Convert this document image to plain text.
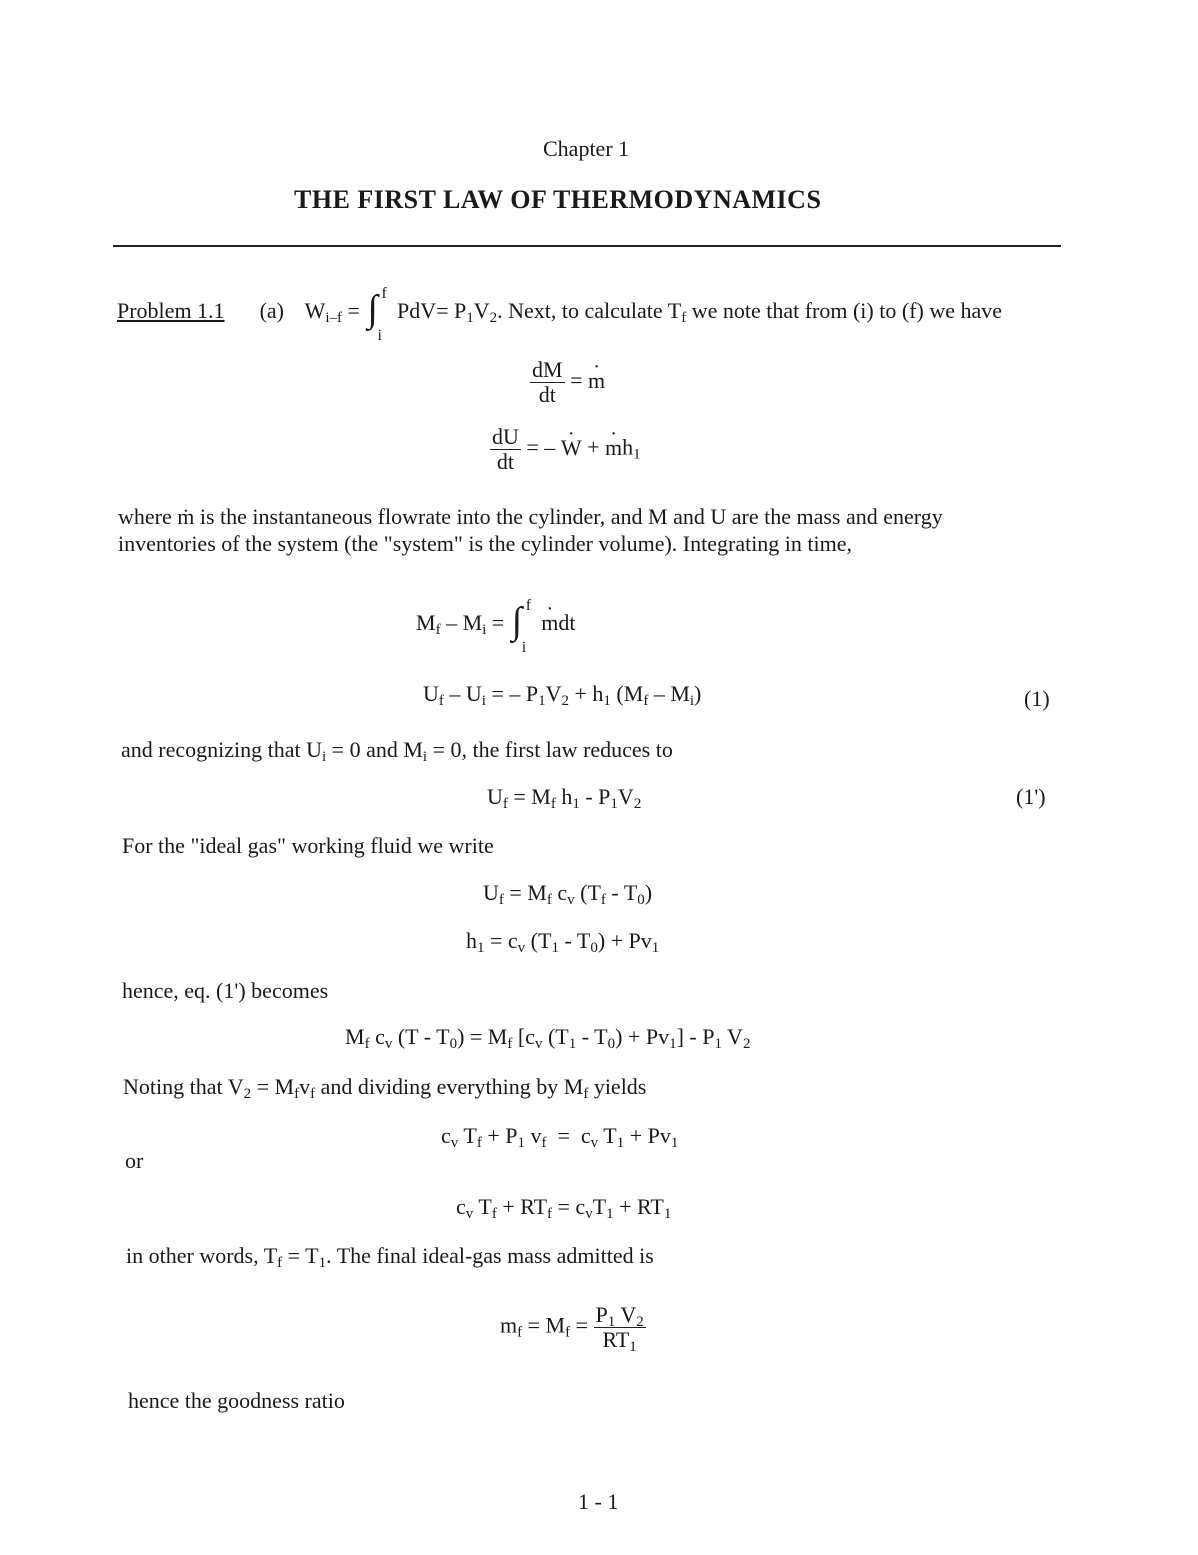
Chapter 1
THE FIRST LAW OF THERMODYNAMICS
Problem 1.1 (a) $W_{i-f}$ = ∫ f
i
$PdV= P_1V_2$. Next, to calculate $T_f$ we note that from (i) to (f) we have
$\frac{dM}{dt} = m$ ·
$\frac{dU}{dt}$ = – W · + $m \cdot h_1$
where ṁ is the instantaneous flowrate into the cylinder, and M and U are the mass and energy
inventories of the system (the "system" is the cylinder volume). Integrating in time,
$M_f - M_i$ = ∫ f
i
m ·dt
$U_f - U_i$ = – $P_1V_2 + h_1$ $(M_f - M_i)$	(1)
and recognizing that $U_i = 0$ and $M_i = 0$, the first law reduces to
$U_f = M_f$ $h_1 - P_1V_2$	(1')
For the "ideal gas" working fluid we write
$U_f = M_f$ $c_v$ $(T_f - T_0)$
$h_1 = c_v$ $(T_1 - T_0) + Pv_1$
hence, eq. (1') becomes
$M_f$ $c_v$ $(T - T_0) = M_f$ [$c_v$ $(T_1 - T_0) + Pv_1] - P_1$ $V_2$
Noting that $V_2 = M_fv_f$ and dividing everything by $M_f$ yields
$c_v$ $T_f + P_1$ $v_f = c_v$ $T_1 + Pv_1$
or
$c_v$ $T_f + RT_f = c_vT_1 + RT_1$
in other words, $T_f = T_1$. The final ideal-gas mass admitted is
$m_f = M_f = \frac{P_1 V_2}{RT_1}$
hence the goodness ratio
1 - 1
